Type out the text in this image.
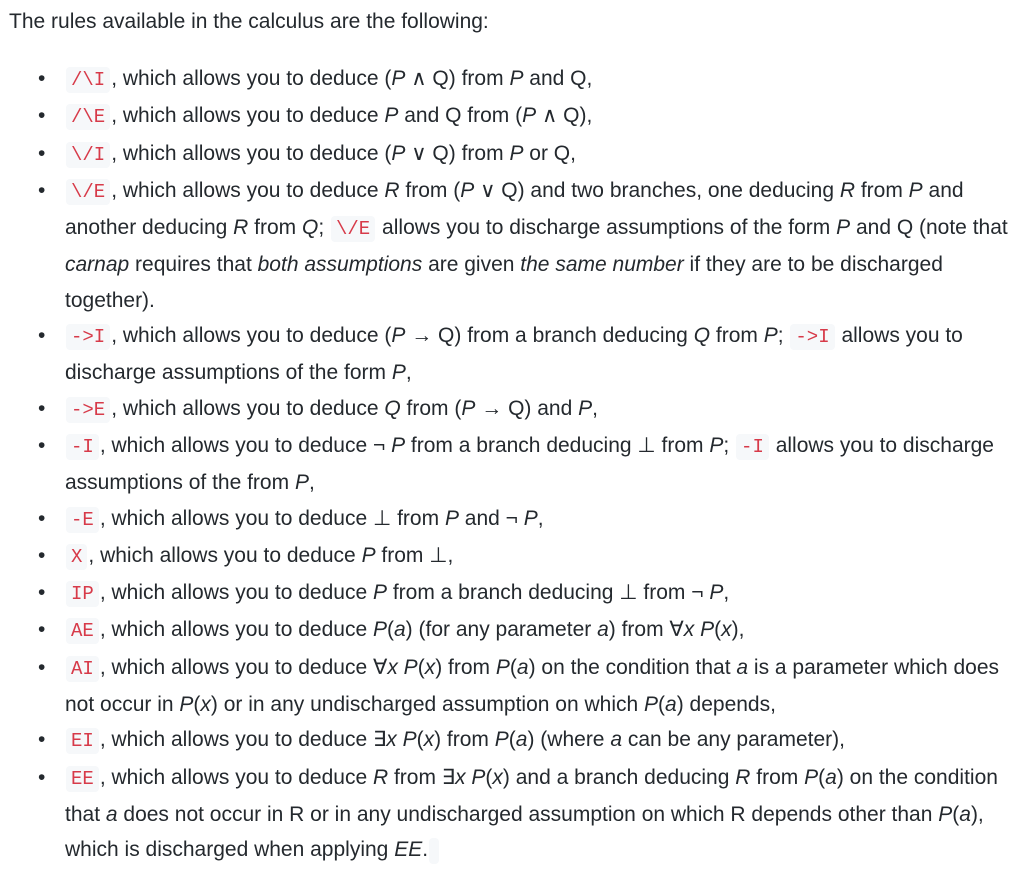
The rules available in the calculus are the following:

• /\I , which allows you to deduce (P ∧ Q) from P and Q,
• /\E , which allows you to deduce P and Q from (P ∧ Q),
• \/I , which allows you to deduce (P ∨ Q) from P or Q,
• \/E , which allows you to deduce R from (P ∨ Q) and two branches, one deducing R from P and another deducing R from Q; \/E allows you to discharge assumptions of the form P and Q (note that carnap requires that both assumptions are given the same number if they are to be discharged together).
• ->I , which allows you to deduce (P → Q) from a branch deducing Q from P; ->I allows you to discharge assumptions of the form P,
• ->E , which allows you to deduce Q from (P → Q) and P,
• -I , which allows you to deduce ¬ P from a branch deducing ⊥ from P; -I allows you to discharge assumptions of the from P,
• -E , which allows you to deduce ⊥ from P and ¬ P,
• X , which allows you to deduce P from ⊥,
• IP , which allows you to deduce P from a branch deducing ⊥ from ¬ P,
• AE , which allows you to deduce P(a) (for any parameter a) from ∀x P(x),
• AI , which allows you to deduce ∀x P(x) from P(a) on the condition that a is a parameter which does not occur in P(x) or in any undischarged assumption on which P(a) depends,
• EI , which allows you to deduce ∃x P(x) from P(a) (where a can be any parameter),
• EE , which allows you to deduce R from ∃x P(x) and a branch deducing R from P(a) on the condition that a does not occur in R or in any undischarged assumption on which R depends other than P(a), which is discharged when applying EE.
